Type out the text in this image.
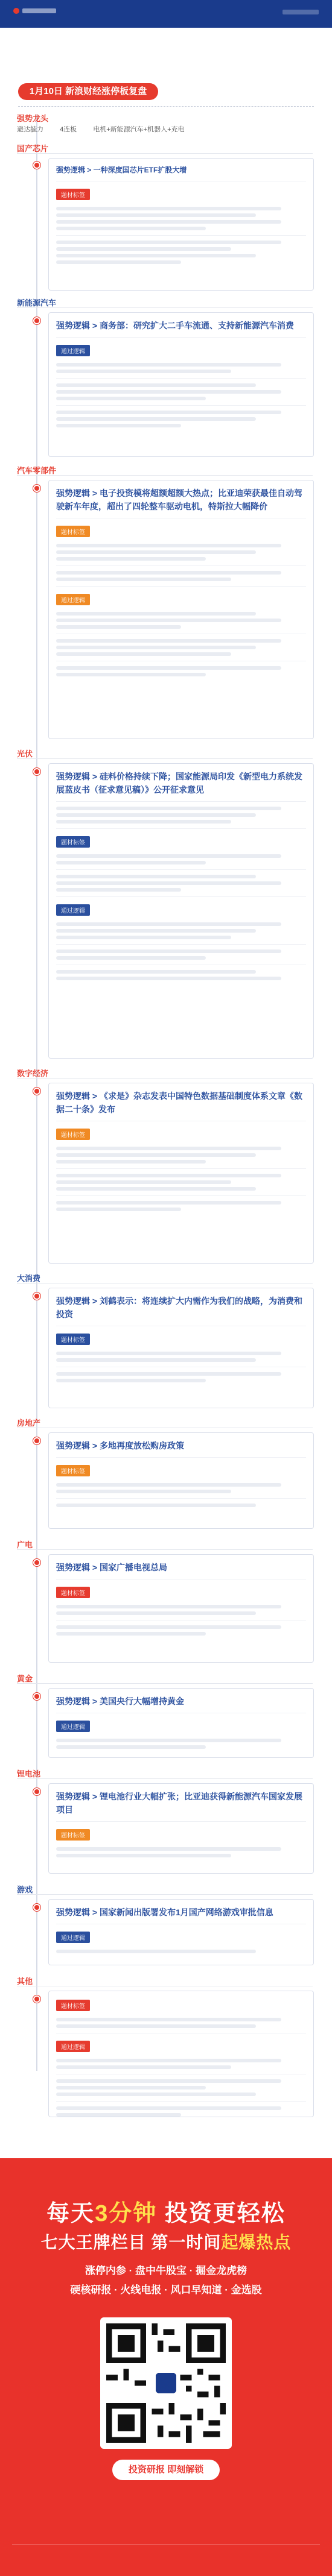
1月10日 新浪财经涨停板复盘
强势龙头
避达毓力 4连板 电机+新能源汽车+机器人+充电
国产芯片
强势逻辑 > 一种深度国芯片ETF扩股大增
题材标签
新能源汽车
强势逻辑 > 商务部：研究扩大二手车流通、支持新能源汽车消费
通过逻辑
汽车零部件
强势逻辑 > 电子投资模将超额超额大热点；比亚迪荣获最佳自动驾驶新车年度，超出了四轮整车驱动电机，特斯拉大幅降价
题材标签
通过逻辑
光伏
强势逻辑 > 硅料价格持续下降；国家能源局印发《新型电力系统发展蓝皮书（征求意见稿）》公开征求意见
题材标签
通过逻辑
数字经济
强势逻辑 > 《求是》杂志发表中国特色数据基础制度体系文章《数据二十条》发布
题材标签
大消费
强势逻辑 > 刘鹤表示：将连续扩大内需作为我们的战略，为消费和投资
题材标签
房地产
强势逻辑 > 多地再度放松购房政策
题材标签
广电
强势逻辑 > 国家广播电视总局
题材标签
黄金
强势逻辑 > 美国央行大幅增持黄金
通过逻辑
锂电池
强势逻辑 > 锂电池行业大幅扩张；比亚迪获得新能源汽车国家发展项目
题材标签
游戏
强势逻辑 > 国家新闻出版署发布1月国产网络游戏审批信息
通过逻辑
其他
题材标签
通过逻辑
每天3分钟 投资更轻松
七大王牌栏目 第一时间起爆热点
涨停内参 · 盘中牛股宝 · 掘金龙虎榜
硬核研报 · 火线电报 · 风口早知道 · 金选股
投资研报 即刻解锁
